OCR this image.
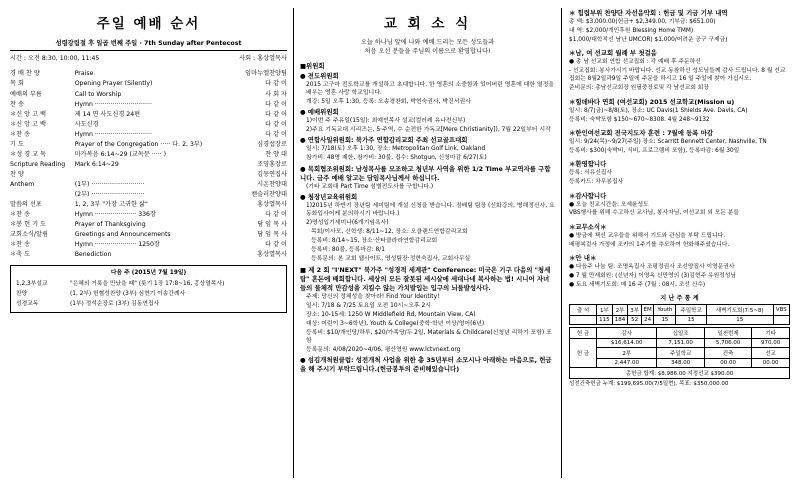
주일 예배 순서
성령강림절 후 일곱 번째 주일 · 7th Sunday after Pentecost
시간 : 오전 8:30, 10:00, 11:45		사회 : 홍상열목사

경 배 찬 양	Praise	임마누엘찬양팀
목 회	Opening Prayer (Silently)	다 같 이
예배의 부름	Call to Worship	사 회 자
찬 송	Hymn ·····························	다 같 이
＊신 앙 고 백	제 14 면 사도신경 24편	다 같 이
＊신 앙 고 백	사도신경	다 같 이
＊찬 송	Hymn ·····························	다 같 이
기 도	Prayer of the Congregation ····· 다. 2, 3부)	심경섭장로
＊성 경 교 독	마가복음 6:14~29 (교독문 ····· )	찬 양 대
Scripture Reading	Mark 6:14~29	조영홍장로
찬 양		김동연집사
Anthem	(1부) ···························	시온찬양대
	(2부) ···························	챈슬러찬양대
말씀의 선포	1, 2, 3부 "가장 고귀한 삶"	홍상열목사
＊찬 송	Hymn ····················· 336장	다 같 이
＊봉 헌 기 도	Prayer of Thanksgiving	담 임 목 사
교회소식/알림	Greetings and Announcements	담 임 목 사
＊찬 송	Hymn ····················· 1250장	다 같 이
＊축 도	Benediction	홍상열목사
다음 주 (2015년 7월 19일)
1,2,3부설교	"은혜의 거룩을 만났을 때" (룻기 1장 17:8~16, 홍상열목사)
찬양	(1, 2부) 헌혈성찬양 (3부) 심현기 이송간례사
성경교독	(1부) 정석순장로 (3부) 김동연집사
교 회 소 식
오늘 하나님 앞에 나와 예배 드리는 모든 성도들과
처음 오신 분들을 주님의 이름으로 환영합니다!
■위원회
● 전도위원회

2015 고구마 전도학교를 개설하고 초대합니다. 한 영혼의 소중함과 있어버린 영혼에 대한 열정을 배우는 영혼 사랑 학교입니다.

개강: 5일 오후 1:30, 등록: 오송경찬회, 박현숙권사, 박진서권사

● 예배위원회

1)이번 주 주유일(15일): 최예빈목사 설교(컬러레 유나전신부)

2)주요 기독교대 시리즈는, 5·주역, 수 순전한 가독교[Mere Christianity]), 7월 22일부터 시작

● 연합사일위원회: 북가주 연합감리교회 주최 선교골프대회

일시: 7/18(토) 오후 1:30, 장소: Metropolitan Golf Link, Oakland

참가비: 48명 제한, 참가비: 30불, 접수: Shotgun, 신청마감 6/27(토)

● 목회협조위원회: 남성목사를 모조하고 청년부 사역을 위한 1/2 Time 부교역자를 구합니다. 금주 예배 알고는 담임목사님께서 하십니다.

(기타 교회대 Part Time 섬별전도사를 구합니다.)

● 청장년교육위원회

1)2015년 하반기 장년팀 세미팀에 개설 신청을 받습니다. 점배팀 팀장 (신화강의, 병해정신사, 요동화입사어케 분의하시기 바랍니다.)

2)명성입기세미나(6개기임욕사)

목회/이사모, 신학생: 8/11~12, 장소: 오클랜드연합감리교회

등록비: 8/14~15, 장소·산타클라라연합감리교회

등록비: 80불, 등록마감: 8/1

등록문의: 본 교회 웹사이트, 영성팀장·정현숙집사, 교회사무실

■ 제 2 회 "I'NEXT" 북가주 "성경적 세계관" Conference: 미국은 기구 다음의 "청세탐" 혼돈에 배회합니다. 세상의 모든 잘못된 세시살에 세대나네 복사하는 법! 시니어 자녀들의 물체적 만감성을 지킬수 않는 가치발입는 입구의 뇌물발성사다.

주제: 당신의 정체성을 찾아라! Find Your Identity!

일시: 7/18 & 7/25 토요일 오전 10시~오후 2시

장소: 10-15세: 1250 W Middlefield Rd, Mountain View, CA)

대상: 어린이 3~6학년), Youth & College(중학·학년 이상/영어(6년)

등록비: $10/개인당/하루, $20/가족당/두 2일, Materials & Childcare(신청년 리하기 포함) 포함

등록문의: 4/08/2020~4/06, 평산영원 www.lctvnext.org

● 섬김개척원클럽: 성전개척 사업을 위한 총 35년부터 소모시나 아래하는 마음으로, 헌금을 해 주시기 부탁드립니다.(헌금봉투의 준비해있습니다)
＊ 힙렵부위 찬양단 자선음악회 : 헌금 및 기금 기부 내역

총 액: $3,000.00(헌금+ $2,349.00, 기부금: $651.00)

내 역: $2,000/개인후원 Blessing Home TMM)

$1,000/대학적선 남난 UMCOR) $1,000/어려운 공구 구제금)

＊남, 여 선교회 월례 부 첫걸음

● 총 남 선교회 연합 선교집회 : 각 예배 후 주둔하신

- 선교집회: 봉사가시기 바랍니다. 선교 동참하신 성도님들께 감사 드립니다. 8 월 선교집회는 8월2일과9일 주일에 주문을 하시고 16 일 주일에 찾아 가십시오.

준비문의: 총남선교회장 원필중장로및 각 남선교회 회장

＊힐데바다 연회 (여선교회) 2015 선교학교(Mission u)

일시: 8/7(금)~8/8(토), 장소: UC Davis(1 Shields Ave. Davis, CA)

등록비: 숙박포함 $150~670~8308. 4월 248~9132

＊한인여선교회 전국지도자 훈련 : 7월에 등록 마감

일시: 9/24(목)~9/27(주일) 장소: Scarritt Bennett Center, Nashville, TN

등록비: $300(숙박비, 식비, 프로그램비 포함), 등록마감: 6월 30일

＊환영합니다

등록: 서유신집사

등록카드: 차무봉집사

＊감사합니다

● 오늘 친교시간을: 오세윤성도

VBS행사를 위해 수고하신 교사님, 봉사자님, 여선교회 외 모든 분들

＊교무소식＊

● 방금에 책선 교우들을 위해서 기도와 관심을 부탁 드립니다.

배평복걸사 가정에 조카의 1주기를 추모하여 헌화해주셨습니다.

＊안 내＊

● 다음주 나눔 팀: 조명옥집사 조평정권사 조선양집사 이영문권사

● 7 월 만세회원: (신년자) 이영옥 신만영의 (3)김현주 유원정성님

● 토요 새벽기도회: 매 16 주 (7월 : 08시, 조선 신수)

지 난 주 통 계
출 석	1부	2부	3부	EM	Youth	주일학교	새벽기도회(7:5~8)	VBS
	115	184	52	24	15	15	15	
헌 금	감사	십일조	일천번제	기타
헌 금	$16,614.00	7,151.00	5,706.00	970.00
	2부	주일학교	건축	선교
	2,447.00	348.00	00.00	00.00
총헌금 합계: $8,986.00 지정선교 $390.00				
성전건축헌금 누계: $199,695.00(7/5일현), 목표: $350,000.00
